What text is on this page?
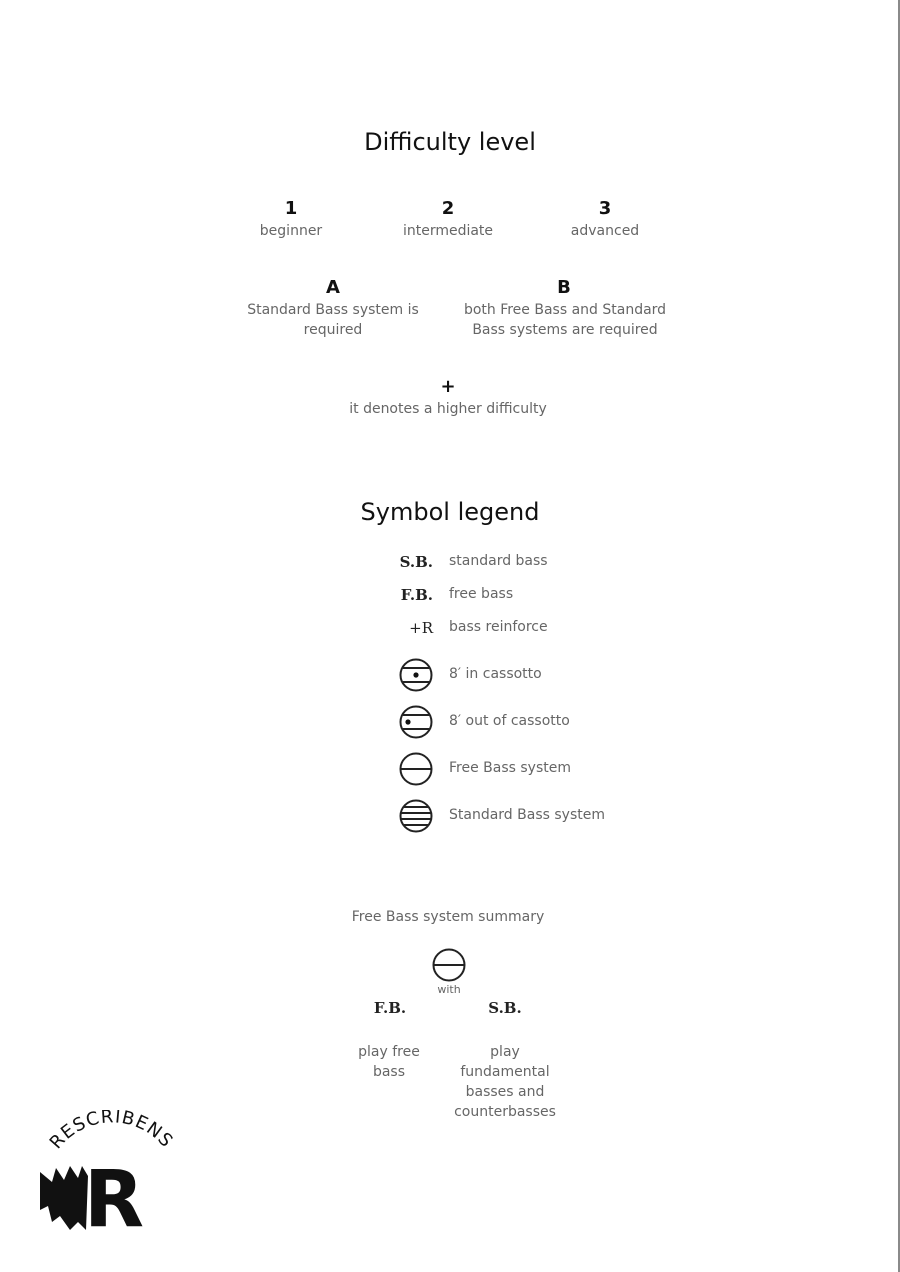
Difficulty level
1
beginner
2
intermediate
3
advanced
A
Standard Bass system is
required
B
both Free Bass and Standard
Bass systems are required
+
it denotes a higher difficulty
Symbol legend
S.B. standard bass
F.B. free bass
+R bass reinforce
8′ in cassotto
8′ out of cassotto
Free Bass system
Standard Bass system
Free Bass system summary
with
F.B.	S.B.
play free
bass
play
fundamental
basses and
counterbasses
RESCRIBENS
R
